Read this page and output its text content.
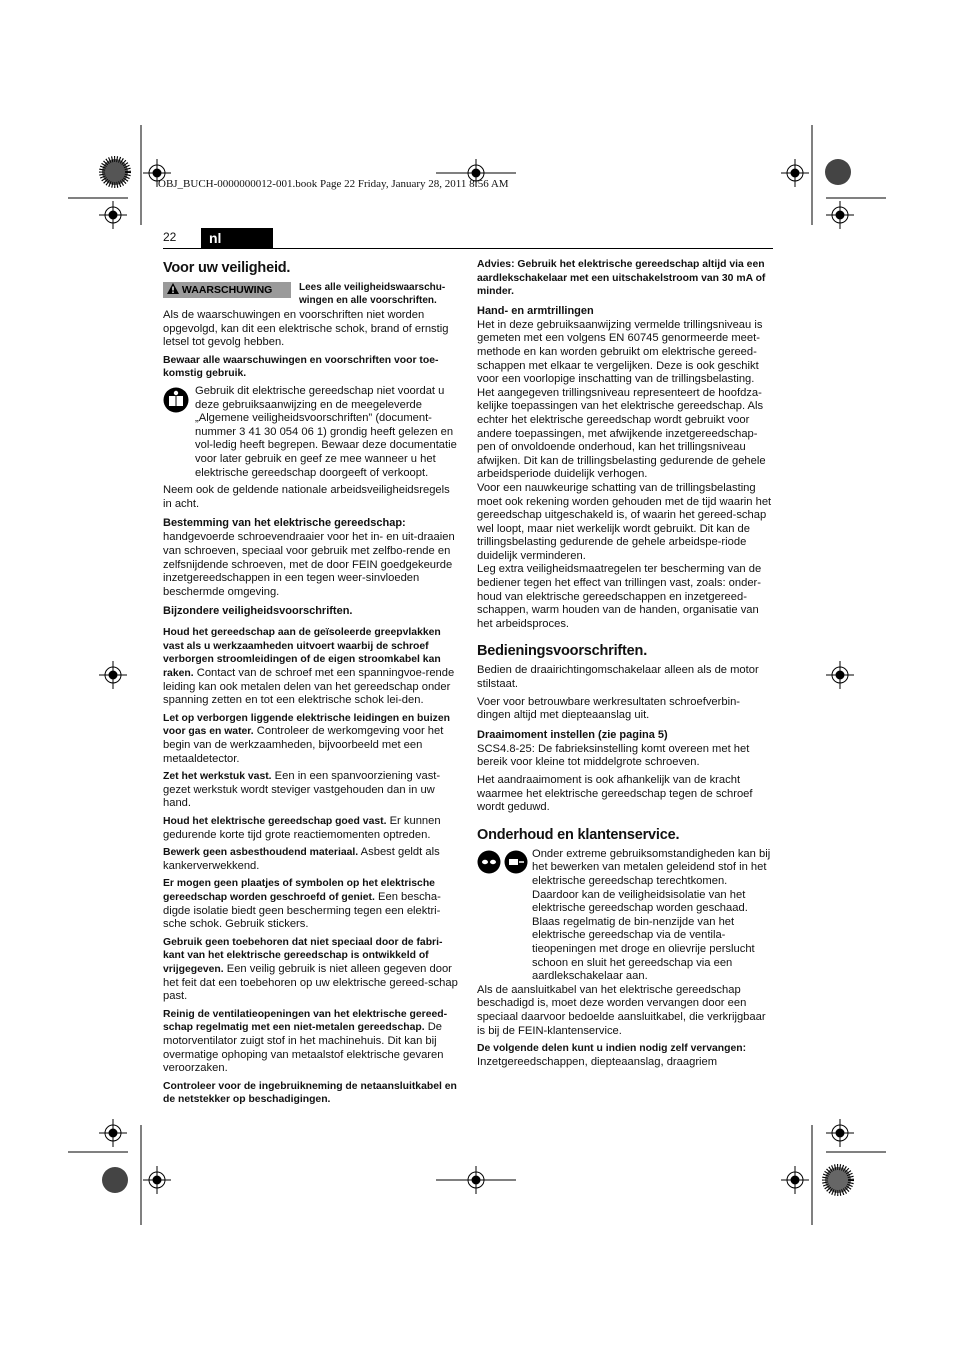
OBJ_BUCH-0000000012-001.book Page 22 Friday, January 28, 2011 8:56 AM
22	nl
Voor uw veiligheid.
WAARSCHUWING	Lees alle veiligheidswaarschu-wingen en alle voorschriften.

Als de waarschuwingen en voorschriften niet worden opgevolgd, kan dit een elektrische schok, brand of ernstig letsel tot gevolg hebben.

Bewaar alle waarschuwingen en voorschriften voor toe-komstig gebruik.

Gebruik dit elektrische gereedschap niet voordat u deze gebruiksaanwijzing en de meegeleverde „Algemene veiligheidsvoorschriften” (document-nummer 3 41 30 054 06 1) grondig heeft gelezen en vol-ledig heeft begrepen. Bewaar deze documentatie voor later gebruik en geef ze mee wanneer u het elektrische gereedschap doorgeeft of verkoopt.

Neem ook de geldende nationale arbeidsveiligheidsregels in acht.

Bestemming van het elektrische gereedschap:

handgevoerde schroevendraaier voor het in- en uit-draaien van schroeven, speciaal voor gebruik met zelfbo-rende en zelfsnijdende schroeven, met de door FEIN goedgekeurde inzetgereedschappen in een tegen weer-sinvloeden beschermde omgeving.

Bijzondere veiligheidsvoorschriften.

Houd het gereedschap aan de geïsoleerde greepvlakken vast als u werkzaamheden uitvoert waarbij de schroef verborgen stroomleidingen of de eigen stroomkabel kan raken. Contact van de schroef met een spanningvoe-rende leiding kan ook metalen delen van het gereedschap onder spanning zetten en tot een elektrische schok lei-den.

Let op verborgen liggende elektrische leidingen en buizen voor gas en water. Controleer de werkomgeving voor het begin van de werkzaamheden, bijvoorbeeld met een metaaldetector.

Zet het werkstuk vast. Een in een spanvoorziening vast-gezet werkstuk wordt steviger vastgehouden dan in uw hand.

Houd het elektrische gereedschap goed vast. Er kunnen gedurende korte tijd grote reactiemomenten optreden.

Bewerk geen asbesthoudend materiaal. Asbest geldt als kankerverwekkend.

Er mogen geen plaatjes of symbolen op het elektrische gereedschap worden geschroefd of geniet. Een bescha-digde isolatie biedt geen bescherming tegen een elektri-sche schok. Gebruik stickers.

Gebruik geen toebehoren dat niet speciaal door de fabri-kant van het elektrische gereedschap is ontwikkeld of vrijgegeven. Een veilig gebruik is niet alleen gegeven door het feit dat een toebehoren op uw elektrische gereed-schap past.

Reinig de ventilatieopeningen van het elektrische gereed-schap regelmatig met een niet-metalen gereedschap. De motorventilator zuigt stof in het machinehuis. Dit kan bij overmatige ophoping van metaalstof elektrische gevaren veroorzaken.

Controleer voor de ingebruikneming de netaansluitkabel en de netstekker op beschadigingen.

Advies: Gebruik het elektrische gereedschap altijd via een aardlekschakelaar met een uitschakelstroom van 30 mA of minder.

Hand- en armtrillingen

Het in deze gebruiksaanwijzing vermelde trillingsniveau is gemeten met een volgens EN 60745 genormeerde meet-methode en kan worden gebruikt om elektrische gereed-schappen met elkaar te vergelijken. Deze is ook geschikt voor een voorlopige inschatting van de trillingsbelasting.

Het aangegeven trillingsniveau representeert de hoofdza-kelijke toepassingen van het elektrische gereedschap. Als echter het elektrische gereedschap wordt gebruikt voor andere toepassingen, met afwijkende inzetgereedschap-pen of onvoldoende onderhoud, kan het trillingsniveau afwijken. Dit kan de trillingsbelasting gedurende de gehele arbeidsperiode duidelijk verhogen.

Voor een nauwkeurige schatting van de trillingsbelasting moet ook rekening worden gehouden met de tijd waarin het gereedschap uitgeschakeld is, of waarin het gereed-schap wel loopt, maar niet werkelijk wordt gebruikt. Dit kan de trillingsbelasting gedurende de gehele arbeidspe-riode duidelijk verminderen.

Leg extra veiligheidsmaatregelen ter bescherming van de bediener tegen het effect van trillingen vast, zoals: onder-houd van elektrische gereedschappen en inzetgereed-schappen, warm houden van de handen, organisatie van het arbeidsproces.

Bedieningsvoorschriften.

Bedien de draairichtingomschakelaar alleen als de motor stilstaat.

Voer voor betrouwbare werkresultaten schroefverbin-dingen altijd met diepteaanslag uit.

Draaimoment instellen (zie pagina 5)

SCS4.8-25: De fabrieksinstelling komt overeen met het bereik voor kleine tot middelgrote schroeven.

Het aandraaimoment is ook afhankelijk van de kracht waarmee het elektrische gereedschap tegen de schroef wordt geduwd.

Onderhoud en klantenservice.

Onder extreme gebruiksomstandigheden kan bij het bewerken van metalen geleidend stof in het elektrische gereedschap terechtkomen. Daardoor kan de veiligheidsisolatie van het elektrische gereedschap worden geschaad. Blaas regelmatig de bin-nenzijde van het elektrische gereedschap via de ventila-tieopeningen met droge en olievrije perslucht schoon en sluit het gereedschap via een aardlekschakelaar aan.

Als de aansluitkabel van het elektrische gereedschap beschadigd is, moet deze worden vervangen door een speciaal daarvoor bedoelde aansluitkabel, die verkrijgbaar is bij de FEIN-klantenservice.

De volgende delen kunt u indien nodig zelf vervangen:

Inzetgereedschappen, diepteaanslag, draagriem
